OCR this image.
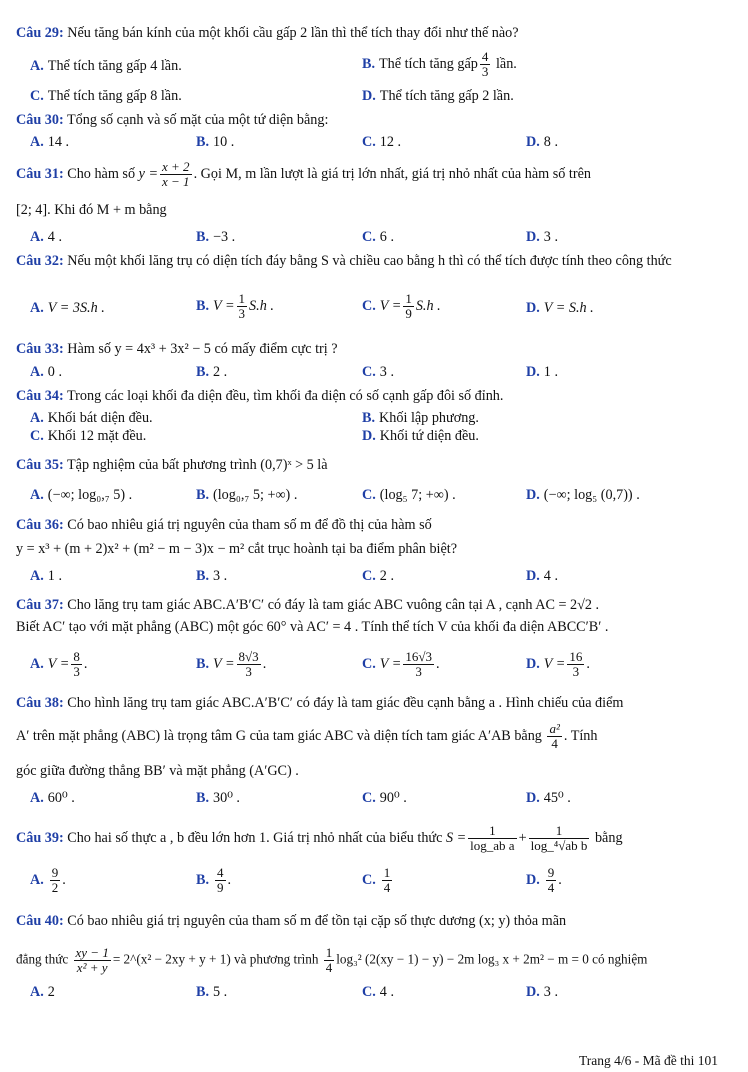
Câu 29: Nếu tăng bán kính của một khối cầu gấp 2 lần thì thể tích thay đổi như thế nào?
A. Thể tích tăng gấp 4 lần.	B. Thể tích tăng gấp $\frac{4}{3}$ lần.
C. Thể tích tăng gấp 8 lần.	D. Thể tích tăng gấp 2 lần.
Câu 30: Tổng số cạnh và số mặt của một tứ diện bằng:
A. 14 .	B. 10 .	C. 12 .	D. 8 .
Câu 31: Cho hàm số $y = \frac{x + 2}{x - 1}$ . Gọi M, m lần lượt là giá trị lớn nhất, giá trị nhỏ nhất của hàm số trên
[2; 4]. Khi đó M + m bằng
A. 4 .	B. −3 .	C. 6 .	D. 3 .
Câu 32: Nếu một khối lăng trụ có diện tích đáy bằng S và chiều cao bằng h thì có thể tích được tính theo công thức
A. V = 3S.h .	B. $V = \frac{1}{3} S.h$ .	C. $V = \frac{1}{9} S.h$ .	D. V = S.h .
Câu 33: Hàm số y = 4x³ + 3x² − 5 có mấy điểm cực trị ?
A. 0 .	B. 2 .	C. 3 .	D. 1 .
Câu 34: Trong các loại khối đa diện đều, tìm khối đa diện có số cạnh gấp đôi số đỉnh.
A. Khối bát diện đều.	B. Khối lập phương.
C. Khối 12 mặt đều.	D. Khối tứ diện đều.
Câu 35: Tập nghiệm của bất phương trình (0,7)ˣ > 5 là
A. (−∞; log₀,₇ 5) .	B. (log₀,₇ 5; +∞) .	C. (log₅ 7; +∞) .	D. (−∞; log₅ (0,7)) .
Câu 36: Có bao nhiêu giá trị nguyên của tham số m để đồ thị của hàm số
y = x³ + (m + 2)x² + (m² − m − 3)x − m² cắt trục hoành tại ba điểm phân biệt?
A. 1 .	B. 3 .	C. 2 .	D. 4 .
Câu 37: Cho lăng trụ tam giác ABC.A′B′C′ có đáy là tam giác ABC vuông cân tại A , cạnh AC = 2√2 .
Biết AC′ tạo với mặt phẳng (ABC) một góc 60° và AC′ = 4 . Tính thể tích V của khối đa diện ABCC′B′ .
A. $V = \frac{8}{3}$ .	B. $V = \frac{8√3}{3}$ .	C. $V = \frac{16√3}{3}$ .	D. $V = \frac{16}{3}$ .
Câu 38: Cho hình lăng trụ tam giác ABC.A′B′C′ có đáy là tam giác đều cạnh bằng a . Hình chiếu của điểm
A′ trên mặt phẳng (ABC) là trọng tâm G của tam giác ABC và diện tích tam giác A′AB bằng $\frac{\text{a²}}{4}$ . Tính
góc giữa đường thẳng BB′ và mặt phẳng (A′GC) .
A. 60⁰ .	B. 30⁰ .	C. 90⁰ .	D. 45⁰ .
Câu 39: Cho hai số thực a , b đều lớn hơn 1. Giá trị nhỏ nhất của biểu thức $S = \frac{1}{\text{log\_ab a}} + \frac{1}{\text{log\_⁴√ab b}}$ bằng
A. $\frac{9}{2}$ .	B. $\frac{4}{9}$ .	C. $\frac{1}{4}$	D. $\frac{9}{4}$ .
Câu 40: Có bao nhiêu giá trị nguyên của tham số m để tồn tại cặp số thực dương (x; y) thỏa mãn
đẳng thức $\frac{xy - 1}{\text{x² + y}}$ = 2^(x² − 2xy + y + 1) và phương trình $\frac{1}{4} \log_3^2$ (2(xy − 1) − y) − 2m log₃ x + 2m² − m = 0 có nghiệm
A. 2	B. 5 .	C. 4 .	D. 3 .
Trang 4/6 - Mã đề thi 101
